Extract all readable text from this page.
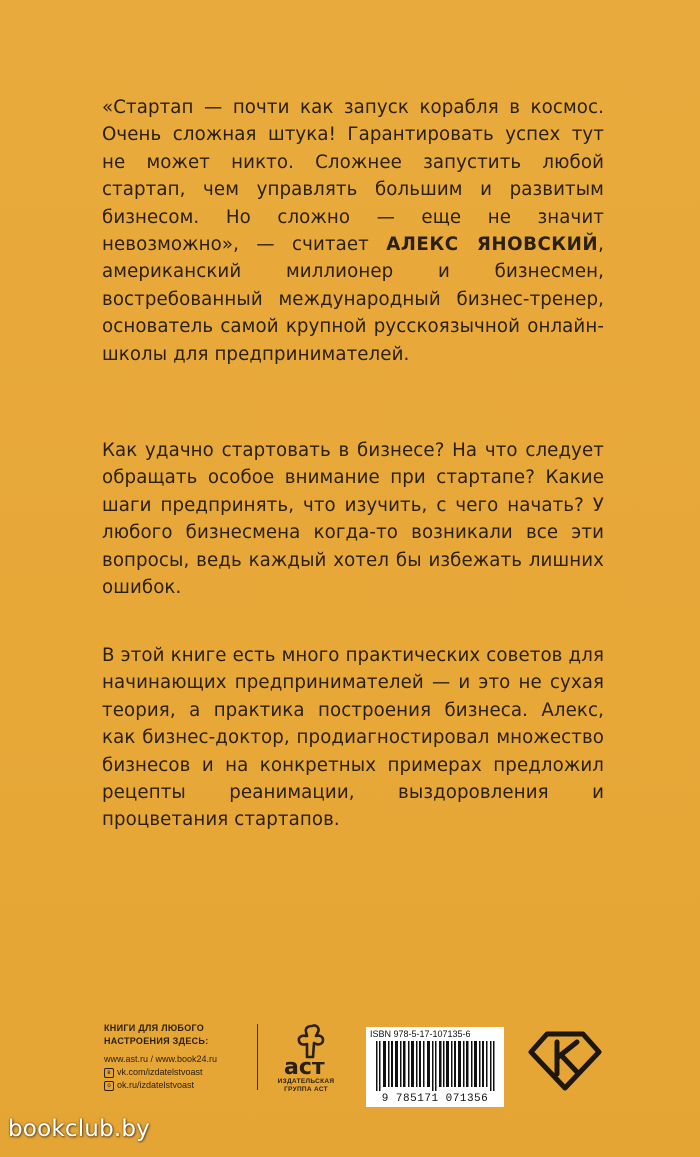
«Стартап — почти как запуск корабля в космос. Очень сложная штука! Гарантировать успех тут не может никто. Сложнее запустить любой стартап, чем управлять большим и развитым бизнесом. Но сложно — еще не значит невозможно», — считает АЛЕКС ЯНОВСКИЙ, американский миллионер и бизнесмен, востребованный международный бизнес-тренер, основатель самой крупной русскоязычной онлайн-школы для предпринимателей.
Как удачно стартовать в бизнесе? На что следует обращать особое внимание при стартапе? Какие шаги предпринять, что изучить, с чего начать? У любого бизнесмена когда-то возникали все эти вопросы, ведь каждый хотел бы избежать лишних ошибок.
В этой книге есть много практических советов для начинающих предпринимателей — и это не сухая теория, а практика построения бизнеса. Алекс, как бизнес-доктор, продиагностировал множество бизнесов и на конкретных примерах предложил рецепты реанимации, выздоровления и процветания стартапов.
КНИГИ ДЛЯ ЛЮБОГО
НАСТРОЕНИЯ ЗДЕСЬ:
www.ast.ru / www.book24.ru
в vk.com/izdatelstvoast
о ok.ru/izdatelstvoast
аст
ИЗДАТЕЛЬСКАЯ
ГРУППА АСТ
ISBN 978-5-17-107135-6
9 785171 071356
bookclub.by
